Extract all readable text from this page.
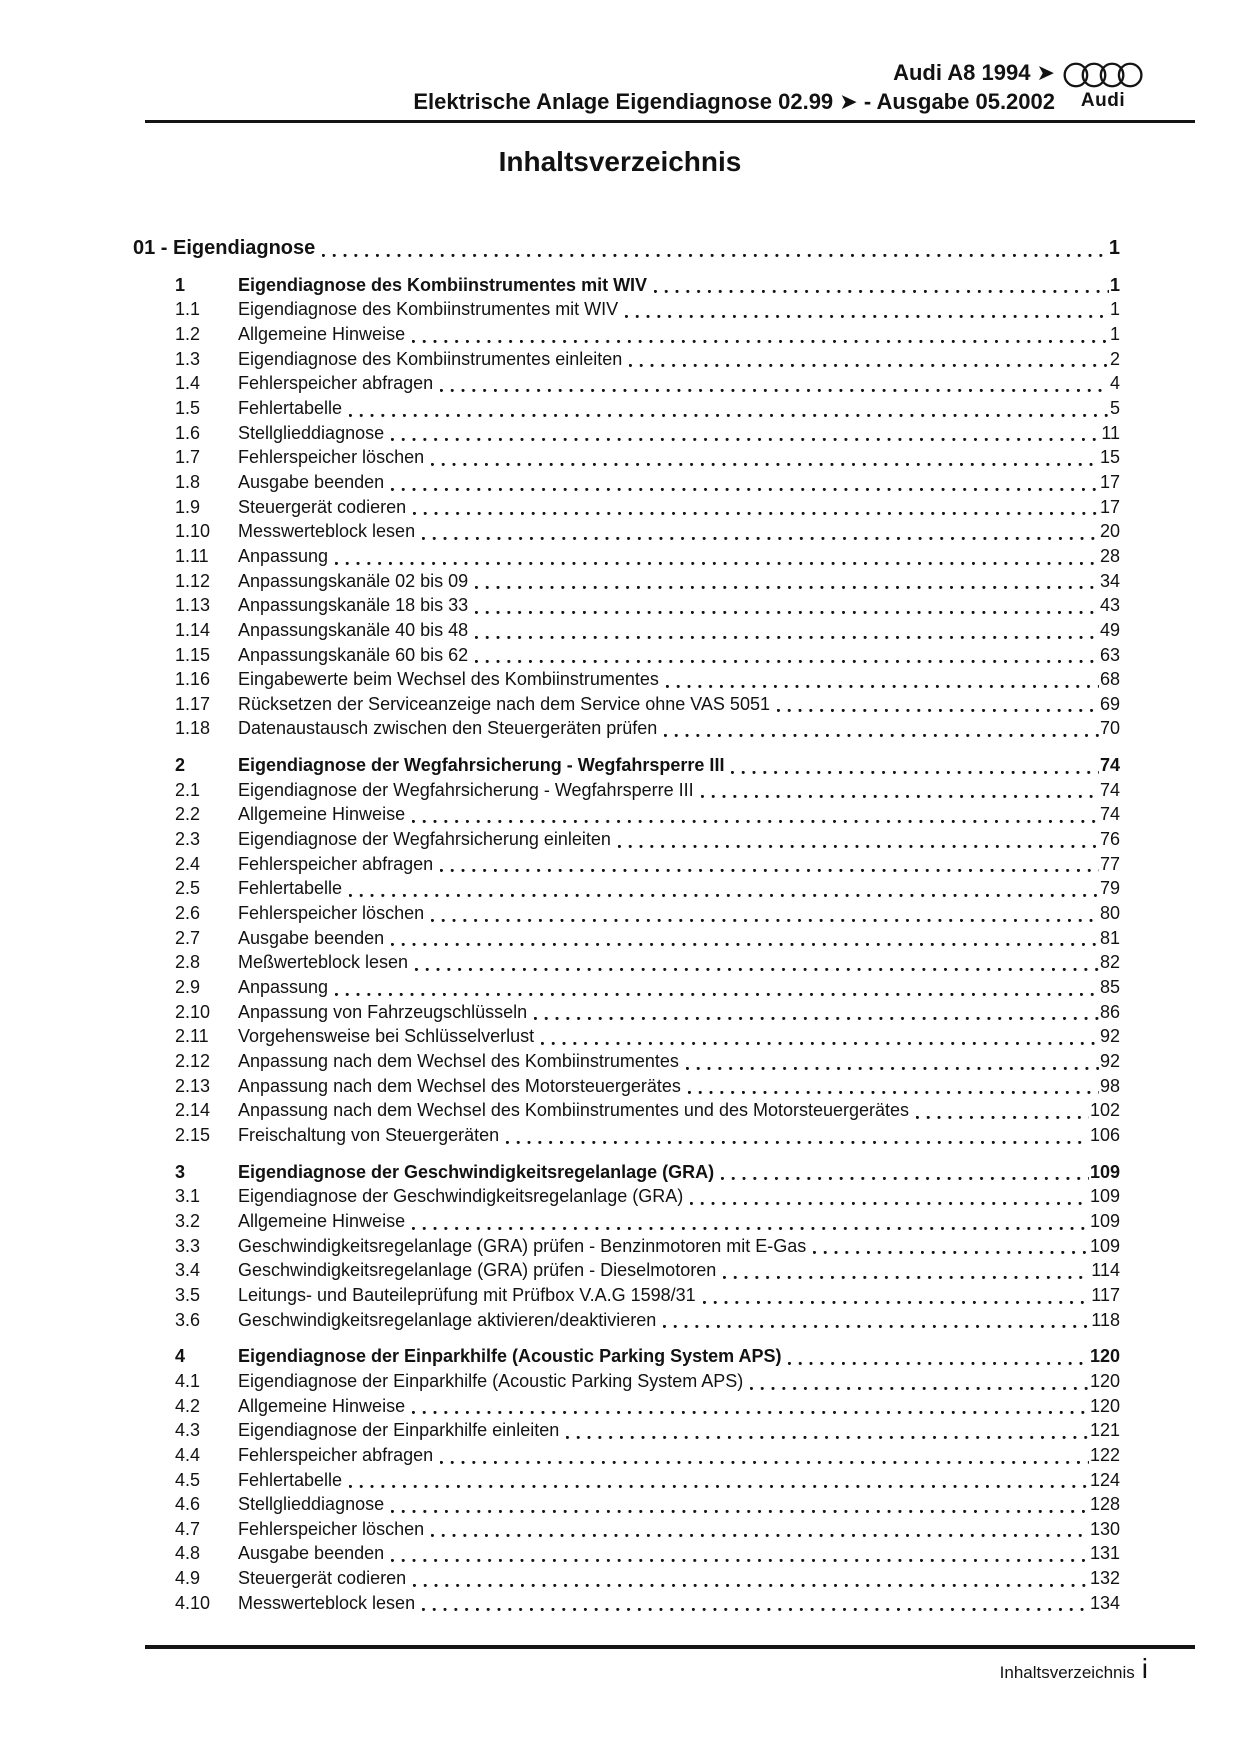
Audi A8 1994 ➤
Elektrische Anlage Eigendiagnose 02.99 ➤ - Ausgabe 05.2002	Audi
Inhaltsverzeichnis
01 - Eigendiagnose	1
1	Eigendiagnose des Kombiinstrumentes mit WIV	1
1.1	Eigendiagnose des Kombiinstrumentes mit WIV	1
1.2	Allgemeine Hinweise	1
1.3	Eigendiagnose des Kombiinstrumentes einleiten	2
1.4	Fehlerspeicher abfragen	4
1.5	Fehlertabelle	5
1.6	Stellglieddiagnose	11
1.7	Fehlerspeicher löschen	15
1.8	Ausgabe beenden	17
1.9	Steuergerät codieren	17
1.10	Messwerteblock lesen	20
1.11	Anpassung	28
1.12	Anpassungskanäle 02 bis 09	34
1.13	Anpassungskanäle 18 bis 33	43
1.14	Anpassungskanäle 40 bis 48	49
1.15	Anpassungskanäle 60 bis 62	63
1.16	Eingabewerte beim Wechsel des Kombiinstrumentes	68
1.17	Rücksetzen der Serviceanzeige nach dem Service ohne VAS 5051	69
1.18	Datenaustausch zwischen den Steuergeräten prüfen	70
2	Eigendiagnose der Wegfahrsicherung - Wegfahrsperre III	74
2.1	Eigendiagnose der Wegfahrsicherung - Wegfahrsperre III	74
2.2	Allgemeine Hinweise	74
2.3	Eigendiagnose der Wegfahrsicherung einleiten	76
2.4	Fehlerspeicher abfragen	77
2.5	Fehlertabelle	79
2.6	Fehlerspeicher löschen	80
2.7	Ausgabe beenden	81
2.8	Meßwerteblock lesen	82
2.9	Anpassung	85
2.10	Anpassung von Fahrzeugschlüsseln	86
2.11	Vorgehensweise bei Schlüsselverlust	92
2.12	Anpassung nach dem Wechsel des Kombiinstrumentes	92
2.13	Anpassung nach dem Wechsel des Motorsteuergerätes	98
2.14	Anpassung nach dem Wechsel des Kombiinstrumentes und des Motorsteuergerätes	102
2.15	Freischaltung von Steuergeräten	106
3	Eigendiagnose der Geschwindigkeitsregelanlage (GRA)	109
3.1	Eigendiagnose der Geschwindigkeitsregelanlage (GRA)	109
3.2	Allgemeine Hinweise	109
3.3	Geschwindigkeitsregelanlage (GRA) prüfen - Benzinmotoren mit E-Gas	109
3.4	Geschwindigkeitsregelanlage (GRA) prüfen - Dieselmotoren	114
3.5	Leitungs- und Bauteileprüfung mit Prüfbox V.A.G 1598/31	117
3.6	Geschwindigkeitsregelanlage aktivieren/deaktivieren	118
4	Eigendiagnose der Einparkhilfe (Acoustic Parking System APS)	120
4.1	Eigendiagnose der Einparkhilfe (Acoustic Parking System APS)	120
4.2	Allgemeine Hinweise	120
4.3	Eigendiagnose der Einparkhilfe einleiten	121
4.4	Fehlerspeicher abfragen	122
4.5	Fehlertabelle	124
4.6	Stellglieddiagnose	128
4.7	Fehlerspeicher löschen	130
4.8	Ausgabe beenden	131
4.9	Steuergerät codieren	132
4.10	Messwerteblock lesen	134
Inhaltsverzeichnis i
